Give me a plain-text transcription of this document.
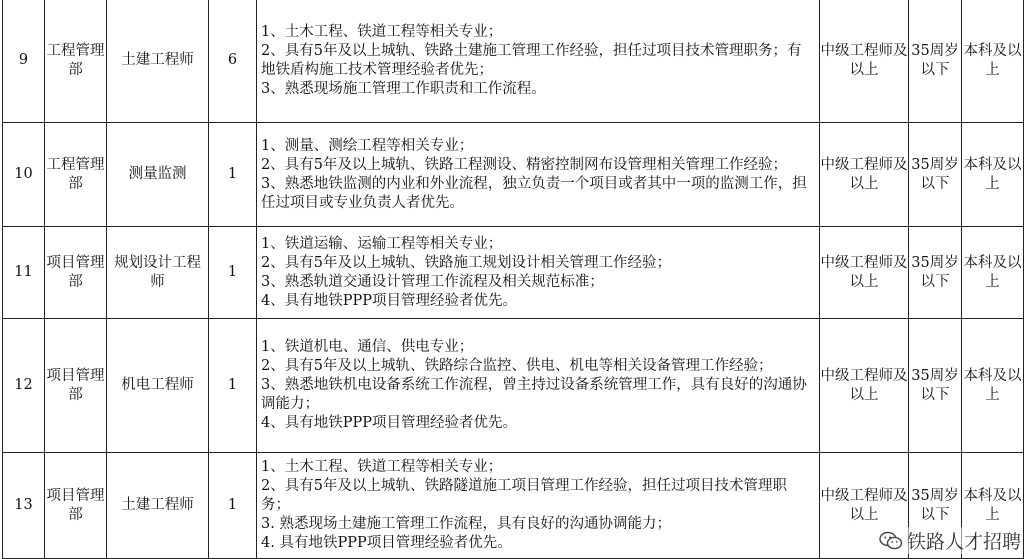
9	工程管理部	土建工程师	6	1、土木工程、铁道工程等相关专业；
2、具有5年及以上城轨、铁路土建施工管理工作经验，担任过项目技术管理职务；有地铁盾构施工技术管理经验者优先；
3、熟悉现场施工管理工作职责和工作流程。	中级工程师及以上	35周岁以下	本科及以上
10	工程管理部	测量监测	1	1、测量、测绘工程等相关专业；
2、具有5年及以上城轨、铁路工程测设、精密控制网布设管理相关管理工作经验；
3、熟悉地铁监测的内业和外业流程，独立负责一个项目或者其中一项的监测工作，担任过项目或专业负责人者优先。	中级工程师及以上	35周岁以下	本科及以上
11	项目管理部	规划设计工程师	1	1、铁道运输、运输工程等相关专业；
2、具有5年及以上城轨、铁路施工规划设计相关管理工作经验；
3、熟悉轨道交通设计管理工作流程及相关规范标准；
4、具有地铁PPP项目管理经验者优先。	中级工程师及以上	35周岁以下	本科及以上
12	项目管理部	机电工程师	1	1、铁道机电、通信、供电专业；
2、具有5年及以上城轨、铁路综合监控、供电、机电等相关设备管理工作经验；
3、熟悉地铁机电设备系统工作流程，曾主持过设备系统管理工作，具有良好的沟通协调能力；
4、具有地铁PPP项目管理经验者优先。	中级工程师及以上	35周岁以下	本科及以上
13	项目管理部	土建工程师	1	1、土木工程、铁道工程等相关专业；
2、具有5年及以上城轨、铁路隧道施工项目管理工作经验，担任过项目技术管理职务；
3. 熟悉现场土建施工管理工作流程，具有良好的沟通协调能力；
4. 具有地铁PPP项目管理经验者优先。	中级工程师及以上	35周岁以下	本科及以上
铁路人才招聘
